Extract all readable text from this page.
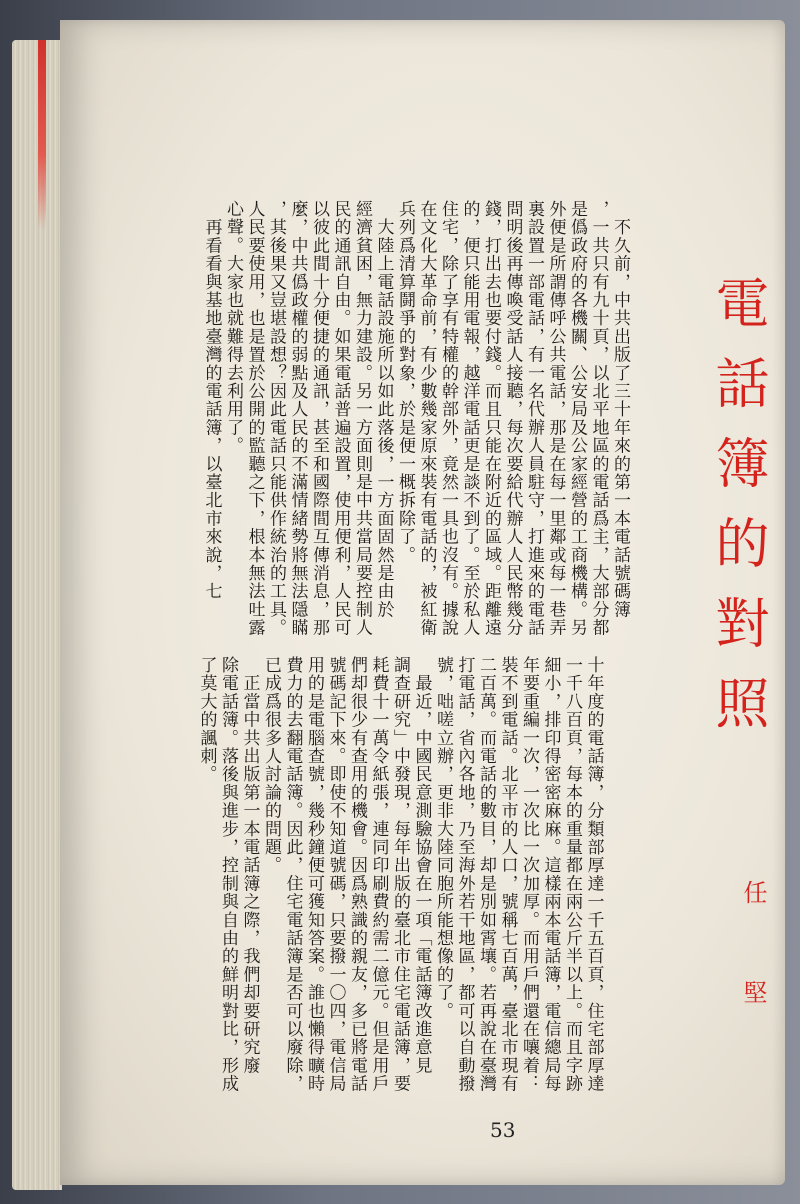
電話簿的對照
任　堅
　不久前，中共出版了三十年來的第一本電話號碼簿
，一共只有九十頁，以北平地區的電話爲主，大部分都
是僞政府的各機關、公安局及公家經營的工商機構。另
外便是所謂傳呼公共電話，那是在每一里鄰或每一巷弄
裏設置一部電話，有一名代辦人員駐守，打進來的電話
問明後再傳喚受話人接聽，每次要給代辦人人民幣幾分
錢，打出去也要付錢。而且只能在附近的區域。距離遠
的，便只能用電報，越洋電話更是談不到了。至於私人
住宅，除了享有特權的幹部外，竟然一具也沒有。據說
在文化大革命前，有少數幾家原來裝有電話的，被紅衛
兵列爲清算鬪爭的對象，於是便一概拆除了。
　大陸上電話設施所以如此落後，一方面固然是由於
經濟貧困，無力建設。另一方面則是中共當局要控制人
民的通訊自由。如果電話普遍設置，使用便利，人民可
以彼此間十分便捷的通訊，甚至和國際間互傳消息，那
麼，中共僞政權的弱點及人民的不滿情緒勢將無法隱瞞
，其後果又豈堪設想？因此電話只能供作統治的工具。
人民要使用，也是置於公開的監聽之下，根本無法吐露
心聲。大家也就難得去利用了。
　再看看與基地臺灣的電話簿，以臺北市來說，七
十年度的電話簿，分類部厚達一千五百頁，住宅部厚達
一千八百頁，每本的重量都在兩公斤半以上。而且字跡
細小，排印得密密麻麻。這樣兩本電話簿，電信總局每
年要重編一次，一次比一次加厚。而用戶們還在嚷着：
裝不到電話。北平市的人口，號稱七百萬，臺北市現有
二百萬。而電話的數目，却是別如霄壤。若再說在臺灣
打電話，省內各地，乃至海外若干地區，都可以自動撥
號，咄嗟立辦，更非大陸同胞所能想像的了。
　最近，中國民意測驗協會在一項「電話簿改進意見
調查研究」中發現，每年出版的臺北市住宅電話簿，要
耗費十一萬令紙張，連同印刷費約需二億元。但是用戶
們却很少有查用的機會。因爲熟識的親友，多已將電話
號碼記下來。即使不知道號碼，只要撥一〇四，電信局
用的是電腦查號，幾秒鐘便可獲知答案。誰也懶得曠時
費力的去翻電話簿。因此，住宅電話簿是否可以廢除，
已成爲很多人討論的問題。
　正當中共出版第一本電話簿之際，我們却要研究廢
除電話簿。落後與進步，控制與自由的鮮明對比，形成
了莫大的諷刺。
53
